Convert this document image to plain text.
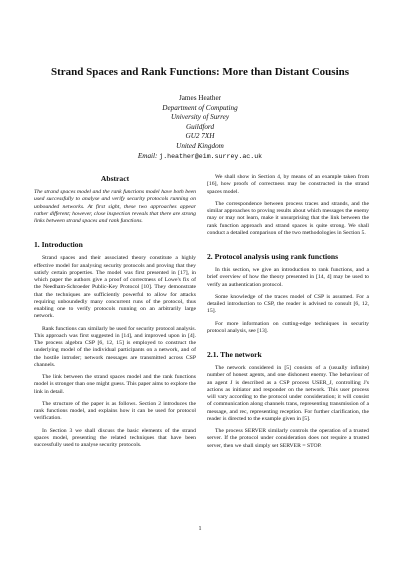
Strand Spaces and Rank Functions: More than Distant Cousins
James Heather
Department of Computing
University of Surrey
Guildford
GU2 7XH
United Kingdom
Email: j.heather@eim.surrey.ac.uk
Abstract

The strand spaces model and the rank functions model have both been used successfully to analyse and verify security protocols running on unbounded networks. At first sight, these two approaches appear rather different; however, close inspection reveals that there are strong links between strand spaces and rank functions.

1. Introduction

Strand spaces and their associated theory constitute a highly effective model for analysing security protocols and proving that they satisfy certain properties. The model was first presented in [17], in which paper the authors give a proof of correctness of Lowe's fix of the Needham-Schroeder Public-Key Protocol [10]. They demonstrate that the techniques are sufficiently powerful to allow for attacks requiring unboundedly many concurrent runs of the protocol, thus enabling one to verify protocols running on an arbitrarily large network.

Rank functions can similarly be used for security protocol analysis. This approach was first suggested in [14], and improved upon in [4]. The process algebra CSP [6, 12, 15] is employed to construct the underlying model of the individual participants on a network, and of the hostile intruder; network messages are transmitted across CSP channels.

The link between the strand spaces model and the rank functions model is stronger than one might guess. This paper aims to explore the link in detail.

The structure of the paper is as follows. Section 2 introduces the rank functions model, and explains how it can be used for protocol verification.

In Section 3 we shall discuss the basic elements of the strand spaces model, presenting the related techniques that have been successfully used to analyse security protocols.

We shall show in Section 4, by means of an example taken from [16], how proofs of correctness may be constructed in the strand spaces model.

The correspondence between process traces and strands, and the similar approaches to proving results about which messages the enemy may or may not learn, make it unsurprising that the link between the rank function approach and strand spaces is quite strong. We shall conduct a detailed comparison of the two methodologies in Section 5.

2. Protocol analysis using rank functions

In this section, we give an introduction to rank functions, and a brief overview of how the theory presented in [14, 4] may be used to verify an authentication protocol.

Some knowledge of the traces model of CSP is assumed. For a detailed introduction to CSP, the reader is advised to consult [6, 12, 15].

For more information on cutting-edge techniques in security protocol analysis, see [13].

2.1. The network

The network considered in [5] consists of a (usually infinite) number of honest agents, and one dishonest enemy. The behaviour of an agent J is described as a CSP process USER_J, controlling J's actions as initiator and responder on the network. This user process will vary according to the protocol under consideration; it will consist of communication along channels trans, representing transmission of a message, and rec, representing reception. For further clarification, the reader is directed to the example given in [5].

The process SERVER similarly controls the operation of a trusted server. If the protocol under consideration does not require a trusted server, then we shall simply set SERVER = STOP.

1
